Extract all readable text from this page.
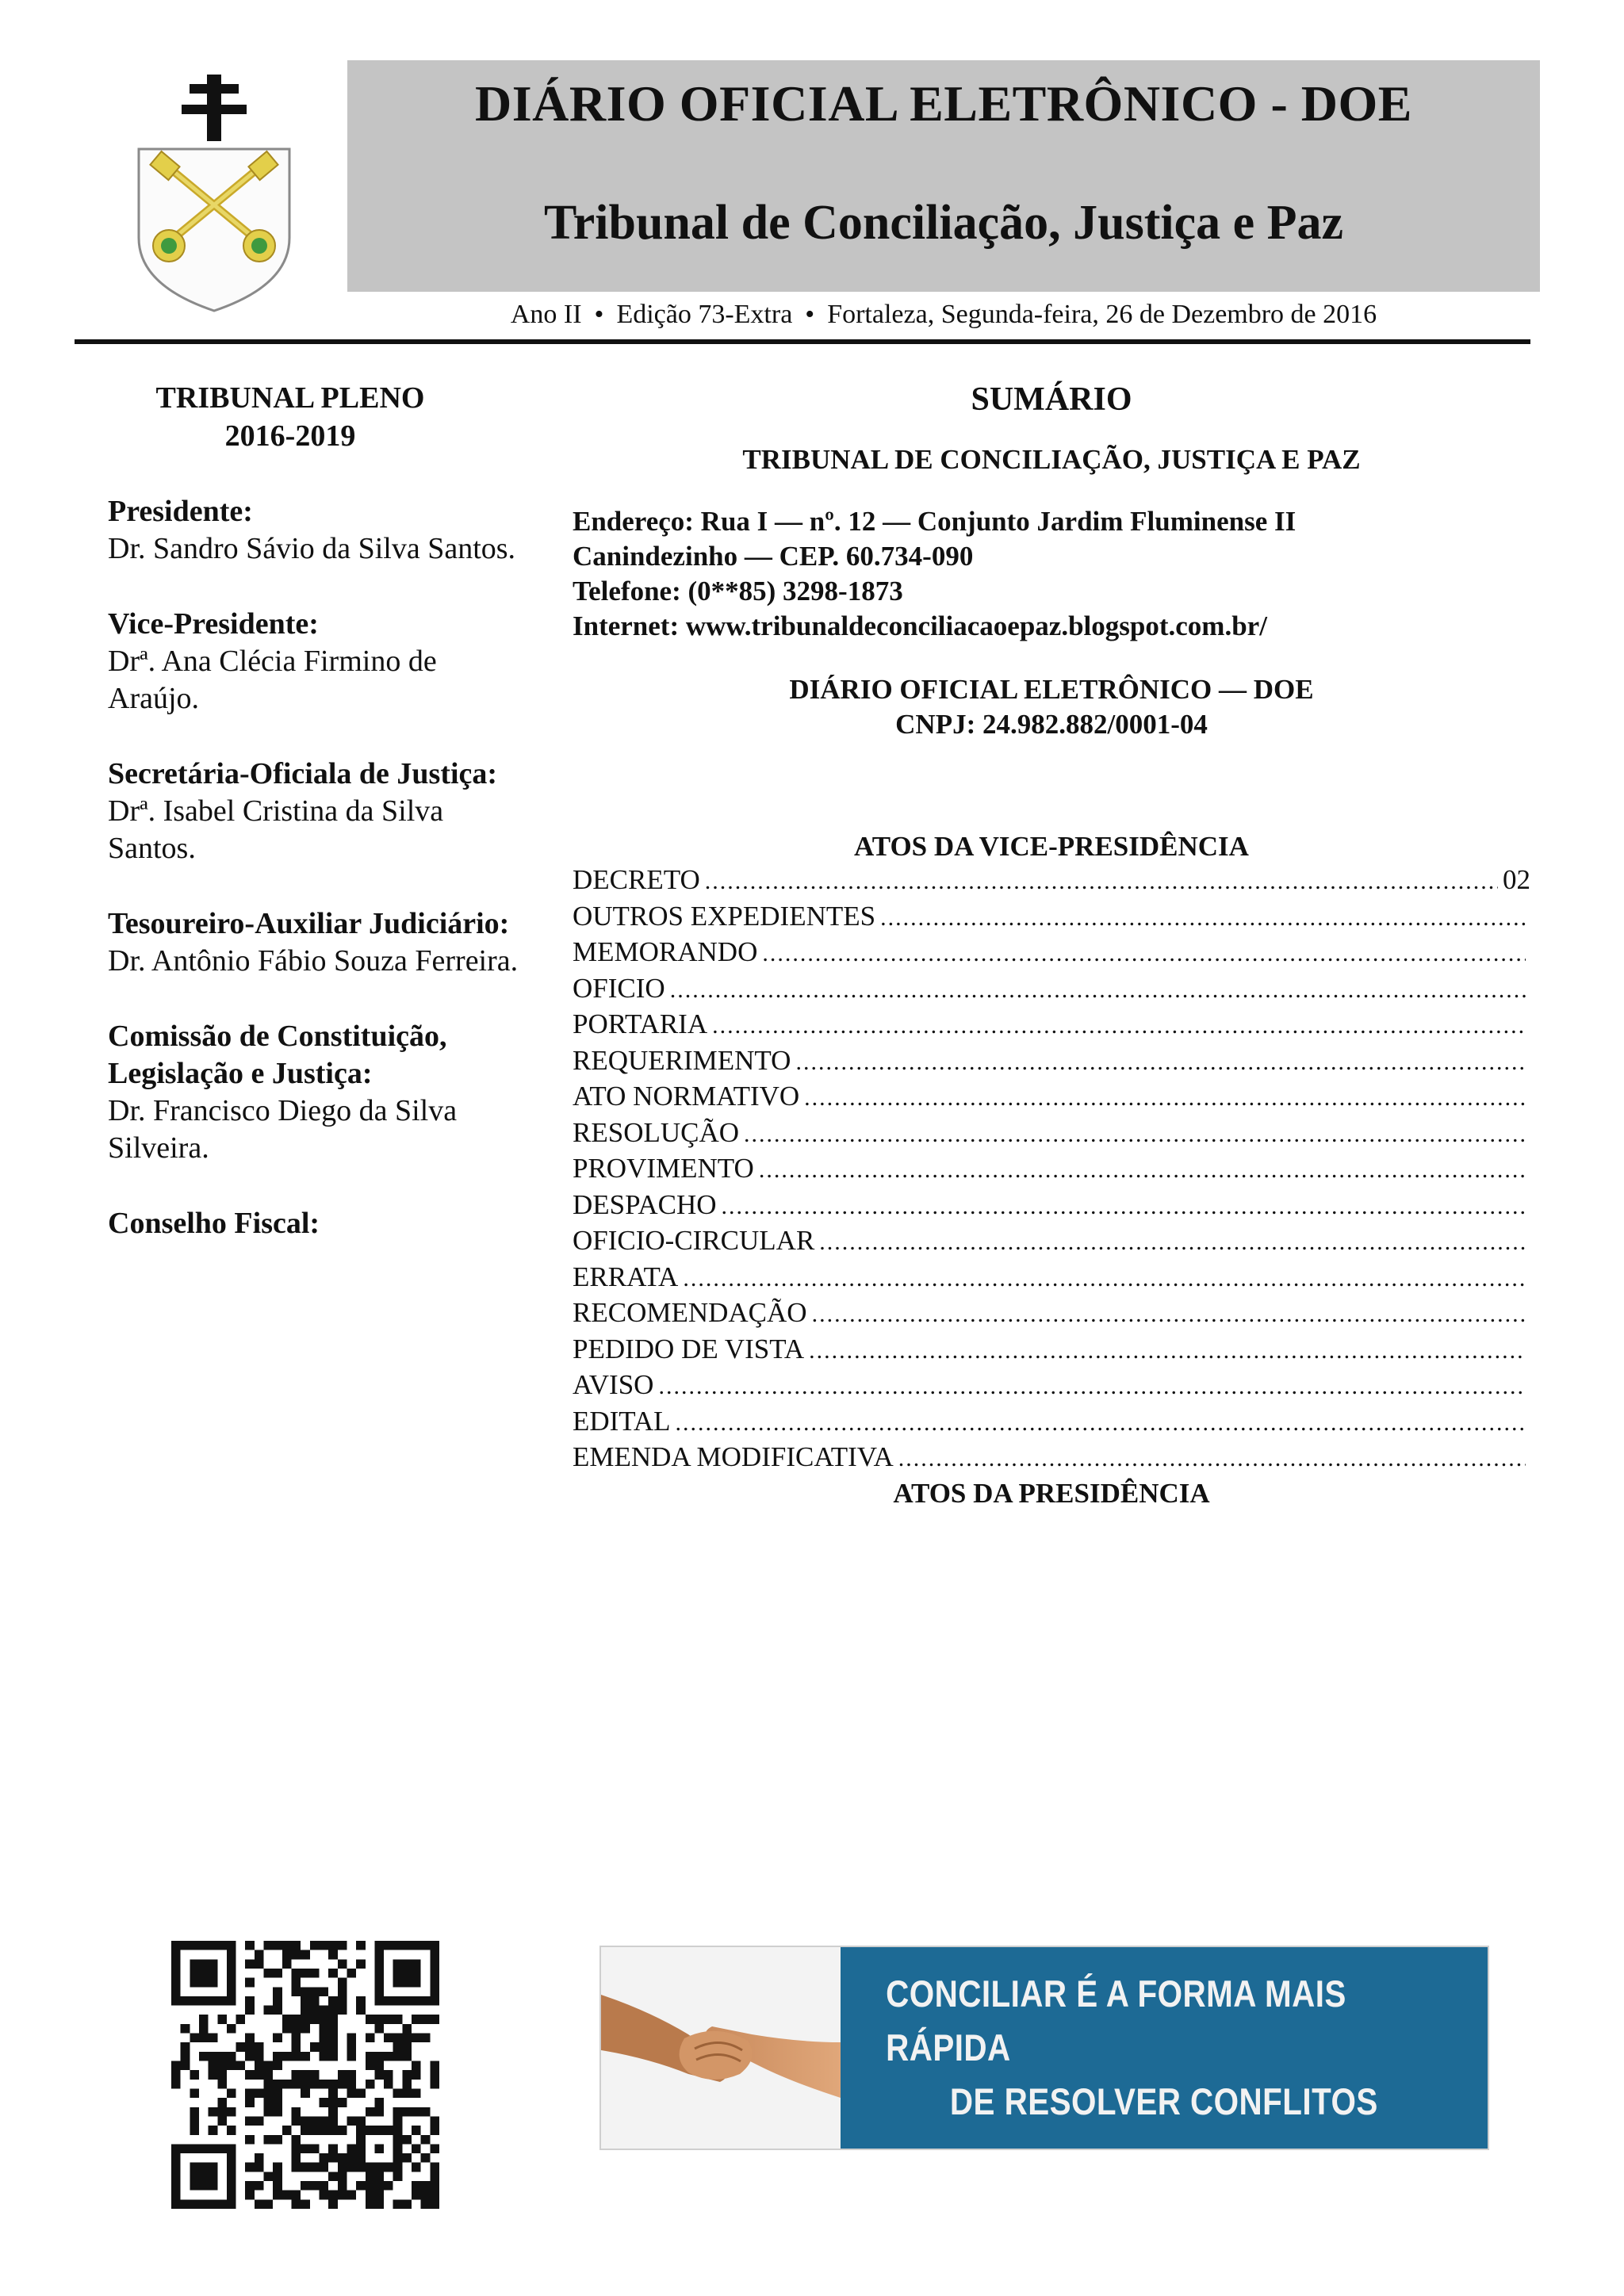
DIÁRIO OFICIAL ELETRÔNICO - DOE
Tribunal de Conciliação, Justiça e Paz
Ano II • Edição 73-Extra • Fortaleza, Segunda-feira, 26 de Dezembro de 2016
TRIBUNAL PLENO
2016-2019
Presidente:
Dr. Sandro Sávio da Silva Santos.
Vice-Presidente:
Drª. Ana Clécia Firmino de Araújo.
Secretária-Oficiala de Justiça:
Drª. Isabel Cristina da Silva Santos.
Tesoureiro-Auxiliar Judiciário:
Dr. Antônio Fábio Souza Ferreira.
Comissão de Constituição, Legislação e Justiça:
Dr. Francisco Diego da Silva Silveira.
Conselho Fiscal:
SUMÁRIO
TRIBUNAL DE CONCILIAÇÃO, JUSTIÇA E PAZ
Endereço: Rua I — nº. 12 — Conjunto Jardim Fluminense II
Canindezinho — CEP. 60.734-090
Telefone: (0**85) 3298-1873
Internet: www.tribunaldeconciliacaoepaz.blogspot.com.br/
DIÁRIO OFICIAL ELETRÔNICO — DOE
CNPJ: 24.982.882/0001-04
ATOS DA VICE-PRESIDÊNCIA
DECRETO
.....	02
OUTROS EXPEDIENTES
.....
MEMORANDO
.....
OFICIO
.....
PORTARIA
.....
REQUERIMENTO
.....
ATO NORMATIVO
.....
RESOLUÇÃO
.....
PROVIMENTO
.....
DESPACHO
.....
OFICIO-CIRCULAR
.....
ERRATA
.....
RECOMENDAÇÃO
.....
PEDIDO DE VISTA
.....
AVISO
.....
EDITAL
.....
EMENDA MODIFICATIVA
.....
ATOS DA PRESIDÊNCIA
CONCILIAR É A FORMA MAIS RÁPIDA
DE RESOLVER CONFLITOS
